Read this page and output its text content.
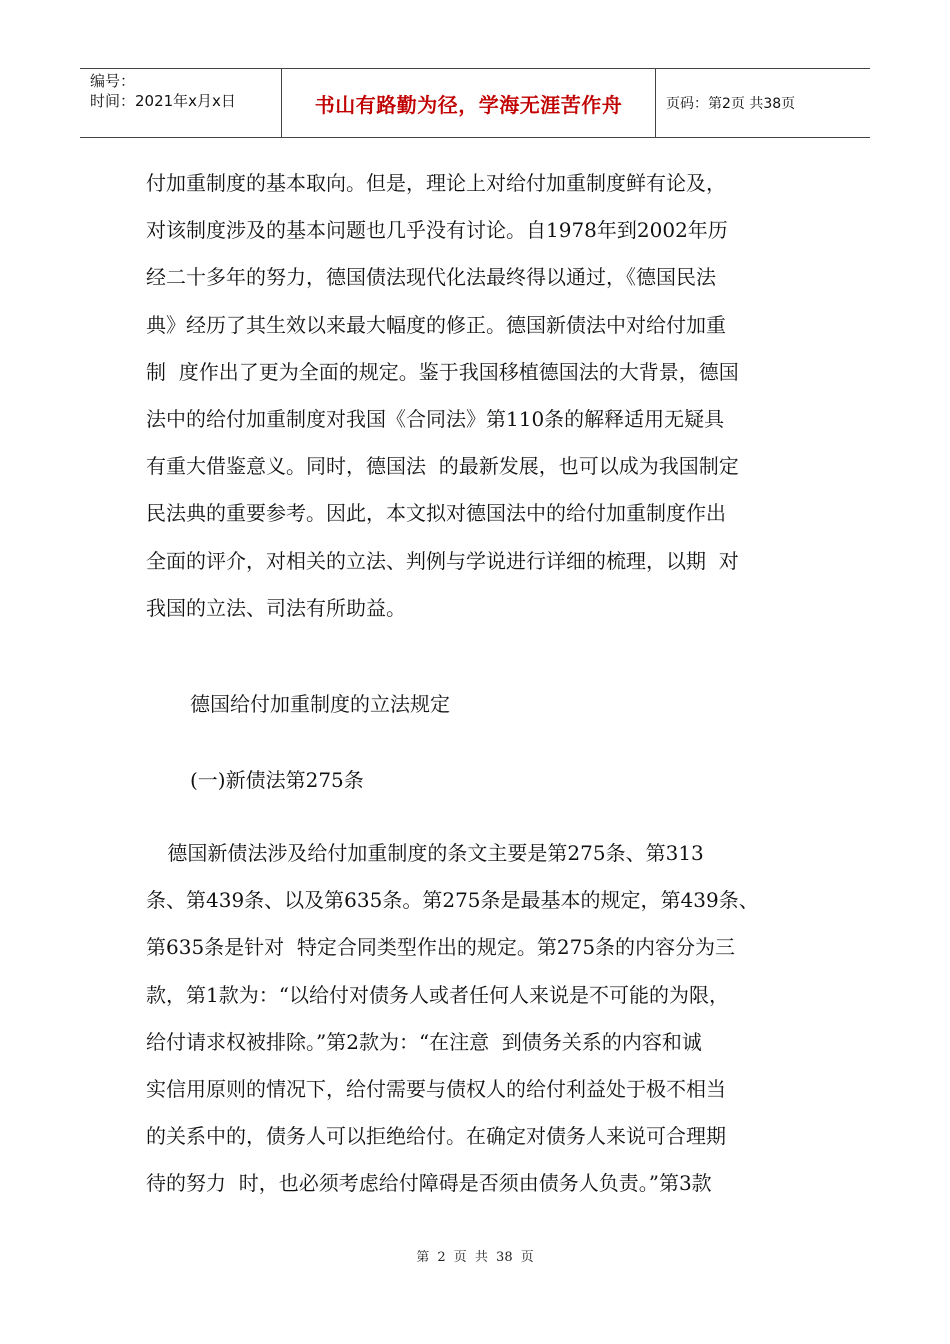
编号：
时间：2021年x月x日	书山有路勤为径，学海无涯苦作舟	页码：第2页 共38页
付加重制度的基本取向。但是，理论上对给付加重制度鲜有论及，
对该制度涉及的基本问题也几乎没有讨论。自1978年到2002年历
经二十多年的努力，德国债法现代化法最终得以通过，《德国民法
典》经历了其生效以来最大幅度的修正。德国新债法中对给付加重
制  度作出了更为全面的规定。鉴于我国移植德国法的大背景，德国
法中的给付加重制度对我国《合同法》第110条的解释适用无疑具
有重大借鉴意义。同时，德国法  的最新发展，也可以成为我国制定
民法典的重要参考。因此，本文拟对德国法中的给付加重制度作出
全面的评介，对相关的立法、判例与学说进行详细的梳理，以期  对
我国的立法、司法有所助益。
德国给付加重制度的立法规定
(一)新债法第275条
德国新债法涉及给付加重制度的条文主要是第275条、第313
条、第439条、以及第635条。第275条是最基本的规定，第439条、
第635条是针对  特定合同类型作出的规定。第275条的内容分为三
款，第1款为：“以给付对债务人或者任何人来说是不可能的为限，
给付请求权被排除。”第2款为：“在注意  到债务关系的内容和诚
实信用原则的情况下，给付需要与债权人的给付利益处于极不相当
的关系中的，债务人可以拒绝给付。在确定对债务人来说可合理期
待的努力  时，也必须考虑给付障碍是否须由债务人负责。”第3款
第 2 页 共 38 页
